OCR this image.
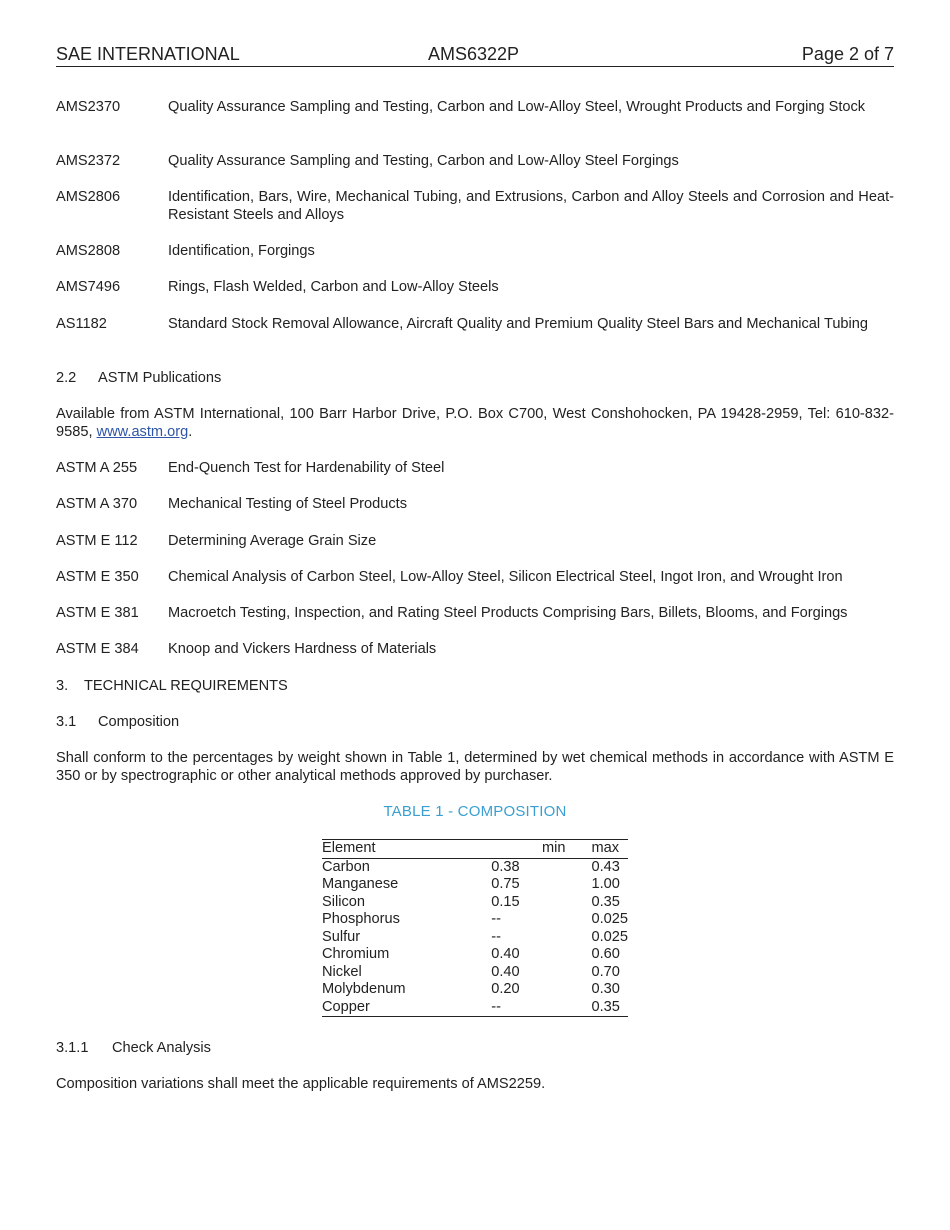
SAE INTERNATIONAL	AMS6322P	Page 2 of 7
AMS2370	Quality Assurance Sampling and Testing, Carbon and Low-Alloy Steel, Wrought Products and Forging Stock
AMS2372	Quality Assurance Sampling and Testing, Carbon and Low-Alloy Steel Forgings
AMS2806	Identification, Bars, Wire, Mechanical Tubing, and Extrusions, Carbon and Alloy Steels and Corrosion and Heat-Resistant Steels and Alloys
AMS2808	Identification, Forgings
AMS7496	Rings, Flash Welded, Carbon and Low-Alloy Steels
AS1182	Standard Stock Removal Allowance, Aircraft Quality and Premium Quality Steel Bars and Mechanical Tubing
2.2 ASTM Publications
Available from ASTM International, 100 Barr Harbor Drive, P.O. Box C700, West Conshohocken, PA 19428-2959, Tel: 610-832-9585, www.astm.org.
ASTM A 255	End-Quench Test for Hardenability of Steel
ASTM A 370	Mechanical Testing of Steel Products
ASTM E 112	Determining Average Grain Size
ASTM E 350	Chemical Analysis of Carbon Steel, Low-Alloy Steel, Silicon Electrical Steel, Ingot Iron, and Wrought Iron
ASTM E 381	Macroetch Testing, Inspection, and Rating Steel Products Comprising Bars, Billets, Blooms, and Forgings
ASTM E 384	Knoop and Vickers Hardness of Materials
3. TECHNICAL REQUIREMENTS
3.1 Composition
Shall conform to the percentages by weight shown in Table 1, determined by wet chemical methods in accordance with ASTM E 350 or by spectrographic or other analytical methods approved by purchaser.
TABLE 1 - COMPOSITION
Element	min	max
Carbon	0.38	0.43
Manganese	0.75	1.00
Silicon	0.15	0.35
Phosphorus	--	0.025
Sulfur	--	0.025
Chromium	0.40	0.60
Nickel	0.40	0.70
Molybdenum	0.20	0.30
Copper	--	0.35
3.1.1 Check Analysis
Composition variations shall meet the applicable requirements of AMS2259.
